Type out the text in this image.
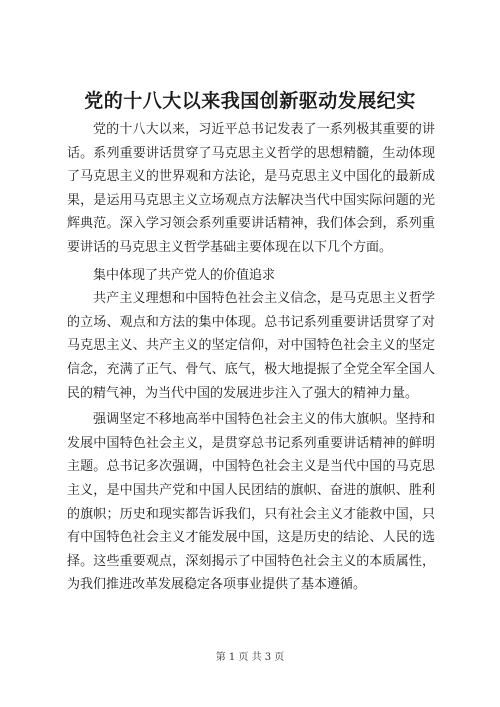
党的十八大以来我国创新驱动发展纪实

党的十八大以来，习近平总书记发表了一系列极其重要的讲话。系列重要讲话贯穿了马克思主义哲学的思想精髓，生动体现了马克思主义的世界观和方法论，是马克思主义中国化的最新成果，是运用马克思主义立场观点方法解决当代中国实际问题的光辉典范。深入学习领会系列重要讲话精神，我们体会到，系列重要讲话的马克思主义哲学基础主要体现在以下几个方面。

集中体现了共产党人的价值追求

共产主义理想和中国特色社会主义信念，是马克思主义哲学的立场、观点和方法的集中体现。总书记系列重要讲话贯穿了对马克思主义、共产主义的坚定信仰，对中国特色社会主义的坚定信念，充满了正气、骨气、底气，极大地提振了全党全军全国人民的精气神，为当代中国的发展进步注入了强大的精神力量。

强调坚定不移地高举中国特色社会主义的伟大旗帜。坚持和发展中国特色社会主义，是贯穿总书记系列重要讲话精神的鲜明主题。总书记多次强调，中国特色社会主义是当代中国的马克思主义，是中国共产党和中国人民团结的旗帜、奋进的旗帜、胜利的旗帜；历史和现实都告诉我们，只有社会主义才能救中国，只有中国特色社会主义才能发展中国，这是历史的结论、人民的选择。这些重要观点，深刻揭示了中国特色社会主义的本质属性，为我们推进改革发展稳定各项事业提供了基本遵循。

第 1 页 共 3 页
